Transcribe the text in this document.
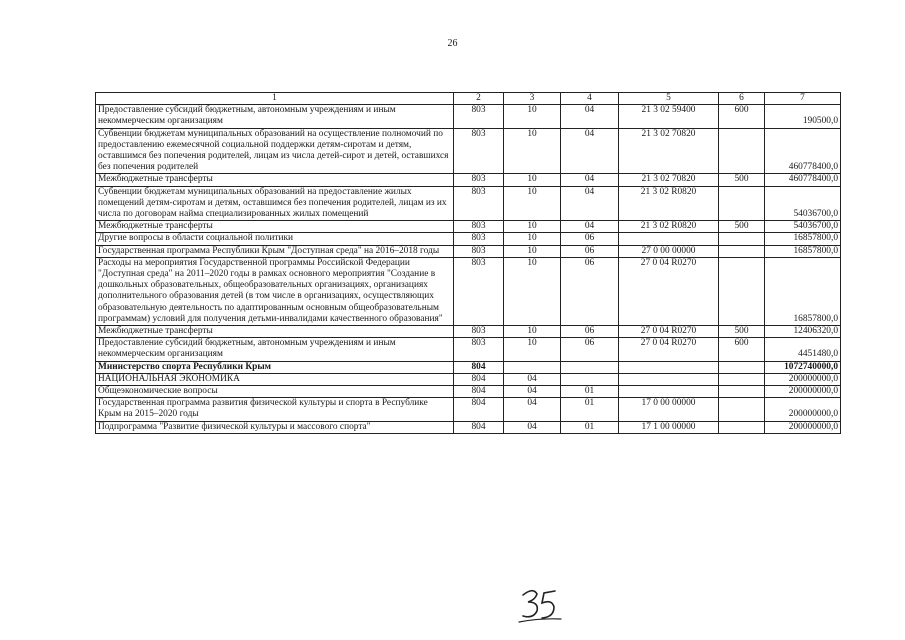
26
1	2	3	4	5	6	7
Предоставление субсидий бюджетным, автономным учреждениям и иным некоммерческим организациям	803	10	04	21 3 02 59400	600	190500,0
Субвенции бюджетам муниципальных образований на осуществление полномочий по предоставлению ежемесячной социальной поддержки детям-сиротам и детям, оставшимся без попечения родителей, лицам из числа детей-сирот и детей, оставшихся без попечения родителей	803	10	04	21 3 02 70820		460778400,0
Межбюджетные трансферты	803	10	04	21 3 02 70820	500	460778400,0
Субвенции бюджетам муниципальных образований на предоставление жилых помещений детям-сиротам и детям, оставшимся без попечения родителей, лицам из их числа по договорам найма специализированных жилых помещений	803	10	04	21 3 02 R0820		54036700,0
Межбюджетные трансферты	803	10	04	21 3 02 R0820	500	54036700,0
Другие вопросы в области социальной политики	803	10	06			16857800,0
Государственная программа Республики Крым "Доступная среда" на 2016–2018 годы	803	10	06	27 0 00 00000		16857800,0
Расходы на мероприятия Государственной программы Российской Федерации "Доступная среда" на 2011–2020 годы в рамках основного мероприятия "Создание в дошкольных образовательных, общеобразовательных организациях, организациях дополнительного образования детей (в том числе в организациях, осуществляющих образовательную деятельность по адаптированным основным общеобразовательным программам) условий для получения детьми-инвалидами качественного образования"	803	10	06	27 0 04 R0270		16857800,0
Межбюджетные трансферты	803	10	06	27 0 04 R0270	500	12406320,0
Предоставление субсидий бюджетным, автономным учреждениям и иным некоммерческим организациям	803	10	06	27 0 04 R0270	600	4451480,0
Министерство спорта Республики Крым	804					1072740000,0
НАЦИОНАЛЬНАЯ ЭКОНОМИКА	804	04				200000000,0
Общеэкономические вопросы	804	04	01			200000000,0
Государственная программа развития физической культуры и спорта в Республике Крым на 2015–2020 годы	804	04	01	17 0 00 00000		200000000,0
Подпрограмма "Развитие физической культуры и массового спорта"	804	04	01	17 1 00 00000		200000000,0
